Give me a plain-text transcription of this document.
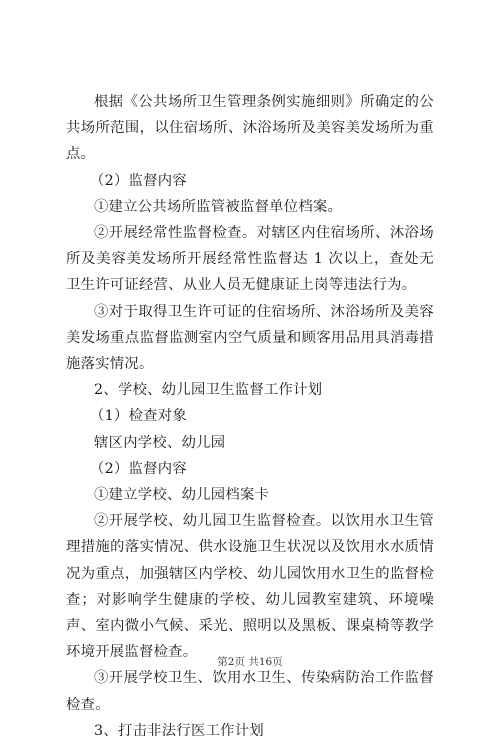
根据《公共场所卫生管理条例实施细则》所确定的公共场所范围，以住宿场所、沐浴场所及美容美发场所为重点。

（2）监督内容

①建立公共场所监管被监督单位档案。

②开展经常性监督检查。对辖区内住宿场所、沐浴场所及美容美发场所开展经常性监督达 1 次以上，查处无卫生许可证经营、从业人员无健康证上岗等违法行为。

③对于取得卫生许可证的住宿场所、沐浴场所及美容美发场重点监督监测室内空气质量和顾客用品用具消毒措施落实情况。

2、学校、幼儿园卫生监督工作计划

（1）检查对象

辖区内学校、幼儿园

（2）监督内容

①建立学校、幼儿园档案卡

②开展学校、幼儿园卫生监督检查。以饮用水卫生管理措施的落实情况、供水设施卫生状况以及饮用水水质情况为重点，加强辖区内学校、幼儿园饮用水卫生的监督检查；对影响学生健康的学校、幼儿园教室建筑、环境噪声、室内微小气候、采光、照明以及黑板、课桌椅等教学环境开展监督检查。

③开展学校卫生、饮用水卫生、传染病防治工作监督检查。

3、打击非法行医工作计划

第2页 共16页
